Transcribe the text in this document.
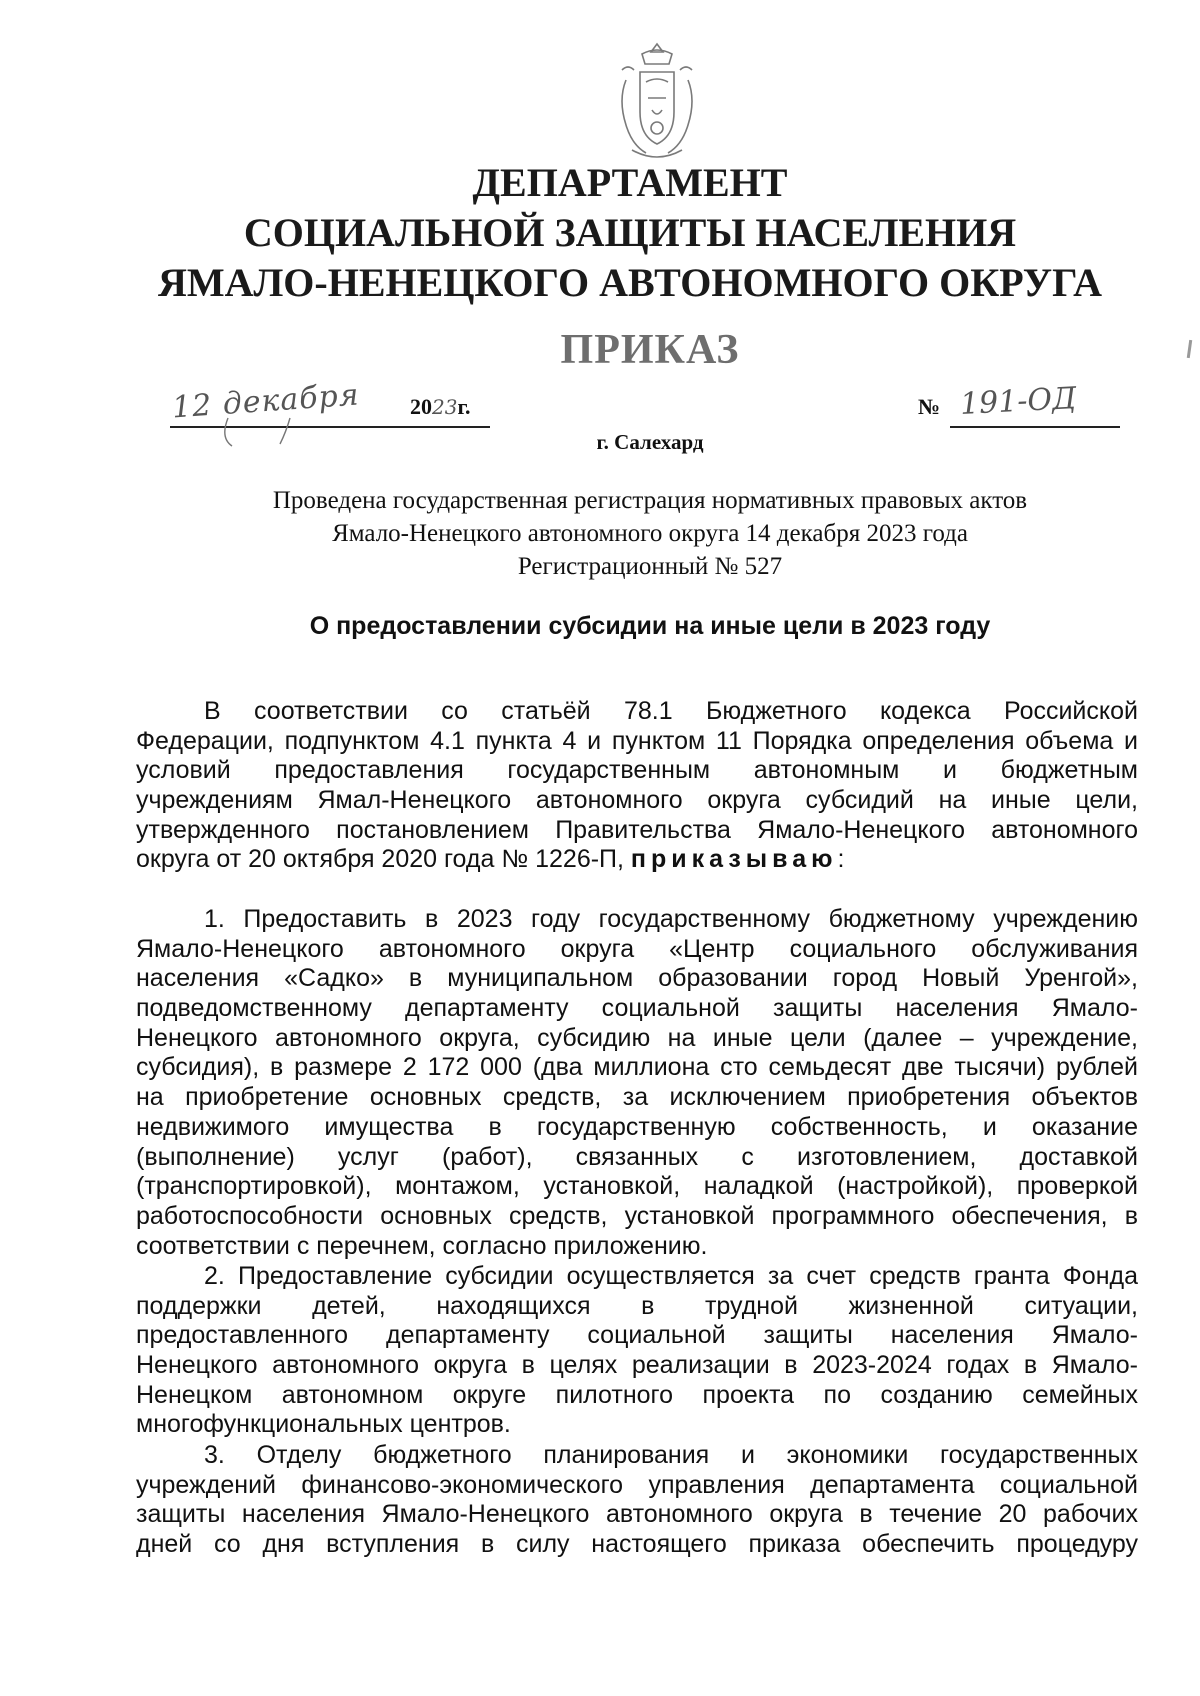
ДЕПАРТАМЕНТ
СОЦИАЛЬНОЙ ЗАЩИТЫ НАСЕЛЕНИЯ
ЯМАЛО-НЕНЕЦКОГО АВТОНОМНОГО ОКРУГА
ПРИКАЗ
12 декабря 2023г.	№ 191-ОД
г. Салехард
Проведена государственная регистрация нормативных правовых актов
Ямало-Ненецкого автономного округа 14 декабря 2023 года
Регистрационный № 527
О предоставлении субсидии на иные цели в 2023 году
В соответствии со статьёй 78.1 Бюджетного кодекса Российской
Федерации, подпунктом 4.1 пункта 4 и пунктом 11 Порядка определения объема и
условий предоставления государственным автономным и бюджетным
учреждениям Ямал-Ненецкого автономного округа субсидий на иные цели,
утвержденного постановлением Правительства Ямало-Ненецкого автономного
округа от 20 октября 2020 года № 1226-П, приказываю:
1. Предоставить в 2023 году государственному бюджетному учреждению
Ямало-Ненецкого автономного округа «Центр социального обслуживания
населения «Садко» в муниципальном образовании город Новый Уренгой»,
подведомственному департаменту социальной защиты населения Ямало-
Ненецкого автономного округа, субсидию на иные цели (далее – учреждение,
субсидия), в размере 2 172 000 (два миллиона сто семьдесят две тысячи) рублей
на приобретение основных средств, за исключением приобретения объектов
недвижимого имущества в государственную собственность, и оказание
(выполнение) услуг (работ), связанных с изготовлением, доставкой
(транспортировкой), монтажом, установкой, наладкой (настройкой), проверкой
работоспособности основных средств, установкой программного обеспечения, в
соответствии с перечнем, согласно приложению.
2. Предоставление субсидии осуществляется за счет средств гранта Фонда
поддержки детей, находящихся в трудной жизненной ситуации,
предоставленного департаменту социальной защиты населения Ямало-
Ненецкого автономного округа в целях реализации в 2023-2024 годах в Ямало-
Ненецком автономном округе пилотного проекта по созданию семейных
многофункциональных центров.
3. Отделу бюджетного планирования и экономики государственных
учреждений финансово-экономического управления департамента социальной
защиты населения Ямало-Ненецкого автономного округа в течение 20 рабочих
дней со дня вступления в силу настоящего приказа обеспечить процедуру
